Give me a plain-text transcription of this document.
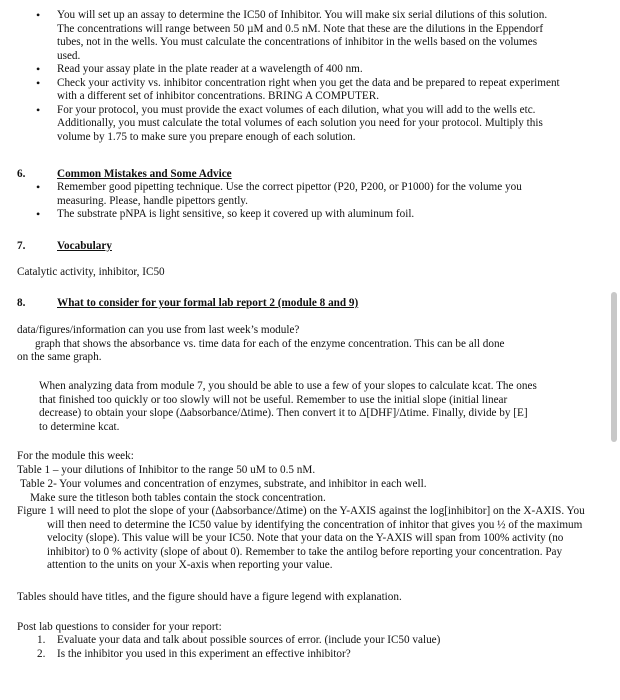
• You will set up an assay to determine the IC50 of Inhibitor. You will make six serial dilutions of this solution. The concentrations will range between 50 µM and 0.5 nM. Note that these are the dilutions in the Eppendorf tubes, not in the wells. You must calculate the concentrations of inhibitor in the wells based on the volumes used.
• Read your assay plate in the plate reader at a wavelength of 400 nm.
• Check your activity vs. inhibitor concentration right when you get the data and be prepared to repeat experiment with a different set of inhibitor concentrations. BRING A COMPUTER.
• For your protocol, you must provide the exact volumes of each dilution, what you will add to the wells etc. Additionally, you must calculate the total volumes of each solution you need for your protocol. Multiply this volume by 1.75 to make sure you prepare enough of each solution.
6.	Common Mistakes and Some Advice
• Remember good pipetting technique. Use the correct pipettor (P20, P200, or P1000) for the volume you measuring. Please, handle pipettors gently.
• The substrate pNPA is light sensitive, so keep it covered up with aluminum foil.
7.	Vocabulary
Catalytic activity, inhibitor, IC50
8.	What to consider for your formal lab report 2 (module 8 and 9)
data/figures/information can you use from last week’s module?
graph that shows the absorbance vs. time data for each of the enzyme concentration. This can be all done
on the same graph.
When analyzing data from module 7, you should be able to use a few of your slopes to calculate kcat. The ones that finished too quickly or too slowly will not be useful. Remember to use the initial slope (initial linear decrease) to obtain your slope (Δabsorbance/Δtime). Then convert it to Δ[DHF]/Δtime. Finally, divide by [E] to determine kcat.
For the module this week:
Table 1 – your dilutions of Inhibitor to the range 50 uM to 0.5 nM.
Table 2- Your volumes and concentration of enzymes, substrate, and inhibitor in each well.
Make sure the titleson both tables contain the stock concentration.
Figure 1 will need to plot the slope of your (Δabsorbance/Δtime) on the Y-AXIS against the log[inhibitor] on the X-AXIS. You will then need to determine the IC50 value by identifying the concentration of inhitor that gives you ½ of the maximum velocity (slope). This value will be your IC50. Note that your data on the Y-AXIS will span from 100% activity (no inhibitor) to 0 % activity (slope of about 0). Remember to take the antilog before reporting your concentration. Pay attention to the units on your X-axis when reporting your value.
Tables should have titles, and the figure should have a figure legend with explanation.
Post lab questions to consider for your report:
1. Evaluate your data and talk about possible sources of error. (include your IC50 value)
2. Is the inhibitor you used in this experiment an effective inhibitor?
